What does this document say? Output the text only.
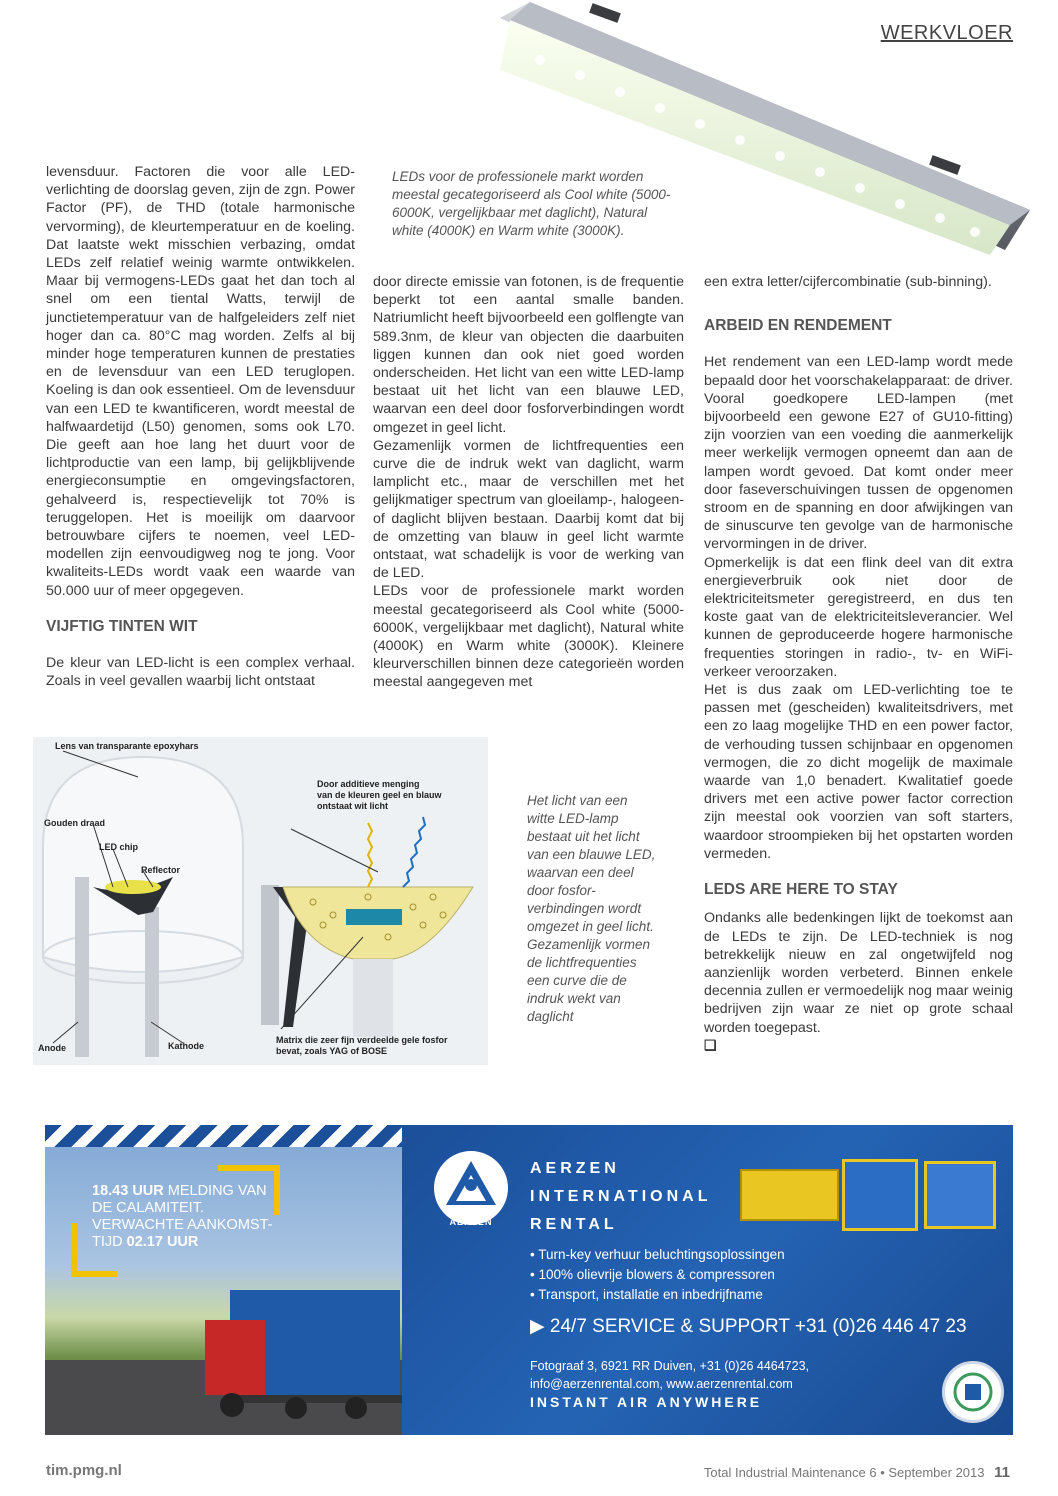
WERKVLOER
LEDs voor de professionele markt worden meestal gecategoriseerd als Cool white (5000-6000K, vergelijkbaar met daglicht), Natural white (4000K) en Warm white (3000K).

levensduur. Factoren die voor alle LED-verlichting de doorslag geven, zijn de zgn. Power Factor (PF), de THD (totale harmonische vervorming), de kleurtemperatuur en de koeling. Dat laatste wekt misschien verbazing, omdat LEDs zelf relatief weinig warmte ontwikkelen. Maar bij vermogens-LEDs gaat het dan toch al snel om een tiental Watts, terwijl de junctietemperatuur van de halfgeleiders zelf niet hoger dan ca. 80°C mag worden. Zelfs al bij minder hoge temperaturen kunnen de prestaties en de levensduur van een LED teruglopen. Koeling is dan ook essentieel. Om de levensduur van een LED te kwantificeren, wordt meestal de halfwaardetijd (L50) genomen, soms ook L70. Die geeft aan hoe lang het duurt voor de lichtproductie van een lamp, bij gelijkblijvende energieconsumptie en omgevingsfactoren, gehalveerd is, respectievelijk tot 70% is teruggelopen. Het is moeilijk om daarvoor betrouwbare cijfers te noemen, veel LED-modellen zijn eenvoudigweg nog te jong. Voor kwaliteits-LEDs wordt vaak een waarde van 50.000 uur of meer opgegeven.

VIJFTIG TINTEN WIT

De kleur van LED-licht is een complex verhaal. Zoals in veel gevallen waarbij licht ontstaat

door directe emissie van fotonen, is de frequentie beperkt tot een aantal smalle banden. Natriumlicht heeft bijvoorbeeld een golflengte van 589.3nm, de kleur van objecten die daarbuiten liggen kunnen dan ook niet goed worden onderscheiden. Het licht van een witte LED-lamp bestaat uit het licht van een blauwe LED, waarvan een deel door fosforverbindingen wordt omgezet in geel licht.

Gezamenlijk vormen de lichtfrequenties een curve die de indruk wekt van daglicht, warm lamplicht etc., maar de verschillen met het gelijkmatiger spectrum van gloeilamp-, halogeen- of daglicht blijven bestaan. Daarbij komt dat bij de omzetting van blauw in geel licht warmte ontstaat, wat schadelijk is voor de werking van de LED.

LEDs voor de professionele markt worden meestal gecategoriseerd als Cool white (5000-6000K, vergelijkbaar met daglicht), Natural white (4000K) en Warm white (3000K). Kleinere kleurverschillen binnen deze categorieën worden meestal aangegeven met

een extra letter/cijfercombinatie (sub-binning).

ARBEID EN RENDEMENT

Het rendement van een LED-lamp wordt mede bepaald door het voorschakelapparaat: de driver. Vooral goedkopere LED-lampen (met bijvoorbeeld een gewone E27 of GU10-fitting) zijn voorzien van een voeding die aanmerkelijk meer werkelijk vermogen opneemt dan aan de lampen wordt gevoed. Dat komt onder meer door faseverschuivingen tussen de opgenomen stroom en de spanning en door afwijkingen van de sinuscurve ten gevolge van de harmonische vervormingen in de driver.

Opmerkelijk is dat een flink deel van dit extra energieverbruik ook niet door de elektriciteitsmeter geregistreerd, en dus ten koste gaat van de elektriciteitsleverancier. Wel kunnen de geproduceerde hogere harmonische frequenties storingen in radio-, tv- en WiFi-verkeer veroorzaken.

Het is dus zaak om LED-verlichting toe te passen met (gescheiden) kwaliteitsdrivers, met een zo laag mogelijke THD en een power factor, de verhouding tussen schijnbaar en opgenomen vermogen, die zo dicht mogelijk de maximale waarde van 1,0 benadert. Kwalitatief goede drivers met een active power factor correction zijn meestal ook voorzien van soft starters, waardoor stroompieken bij het opstarten worden vermeden.

LEDS ARE HERE TO STAY

Ondanks alle bedenkingen lijkt de toekomst aan de LEDs te zijn. De LED-techniek is nog betrekkelijk nieuw en zal ongetwijfeld nog aanzienlijk worden verbeterd. Binnen enkele decennia zullen er vermoedelijk nog maar weinig bedrijven zijn waar ze niet op grote schaal worden toegepast.

❑

Lens van transparante epoxyhars
Door additieve menging
van de kleuren geel en blauw
ontstaat wit licht
Gouden draad
LED chip
Reflector
Anode	Kathode
Matrix die zeer fijn verdeelde gele fosfor
bevat, zoals YAG of BOSE
Het licht van een witte LED-lamp bestaat uit het licht van een blauwe LED, waarvan een deel door fosfor-verbindingen wordt omgezet in geel licht. Gezamenlijk vormen de lichtfrequenties een curve die de indruk wekt van daglicht
18.43 UUR MELDING VAN
DE CALAMITEIT.
VERWACHTE AANKOMST-
TIJD 02.17 UUR
AERZEN
AERZEN
INTERNATIONAL
RENTAL
• Turn-key verhuur beluchtingsoplossingen
• 100% olievrije blowers & compressoren
• Transport, installatie en inbedrijfname
▶ 24/7 SERVICE & SUPPORT +31 (0)26 446 47 23
Fotograaf 3, 6921 RR Duiven, +31 (0)26 4464723,
info@aerzenrental.com, www.aerzenrental.com
INSTANT AIR ANYWHERE
tim.pmg.nl	Total Industrial Maintenance 6 • September 2013 11
